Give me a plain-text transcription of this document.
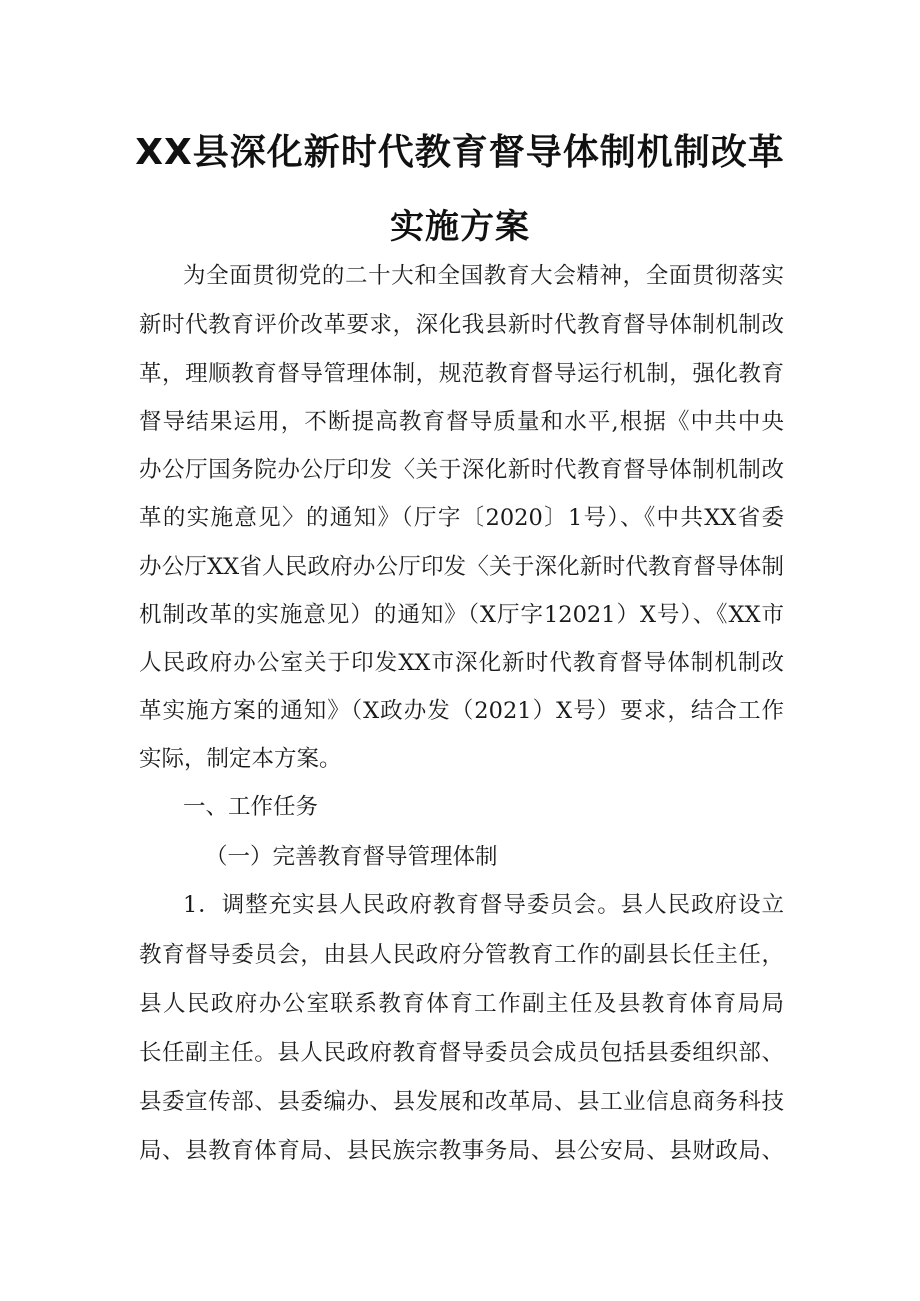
XX县深化新时代教育督导体制机制改革
实施方案
为全面贯彻党的二十大和全国教育大会精神，全面贯彻落实
新时代教育评价改革要求，深化我县新时代教育督导体制机制改
革，理顺教育督导管理体制，规范教育督导运行机制，强化教育
督导结果运用，不断提高教育督导质量和水平,根据《中共中央
办公厅国务院办公厅印发〈关于深化新时代教育督导体制机制改
革的实施意见〉的通知》（厅字〔2020〕1号）、《中共XX省委
办公厅XX省人民政府办公厅印发〈关于深化新时代教育督导体制
机制改革的实施意见）的通知》（X厅字12021）X号）、《XX市
人民政府办公室关于印发XX市深化新时代教育督导体制机制改
革实施方案的通知》（X政办发（2021）X号）要求，结合工作
实际，制定本方案。
一、工作任务
（一）完善教育督导管理体制
1．调整充实县人民政府教育督导委员会。县人民政府设立
教育督导委员会，由县人民政府分管教育工作的副县长任主任，
县人民政府办公室联系教育体育工作副主任及县教育体育局局
长任副主任。县人民政府教育督导委员会成员包括县委组织部、
县委宣传部、县委编办、县发展和改革局、县工业信息商务科技
局、县教育体育局、县民族宗教事务局、县公安局、县财政局、
